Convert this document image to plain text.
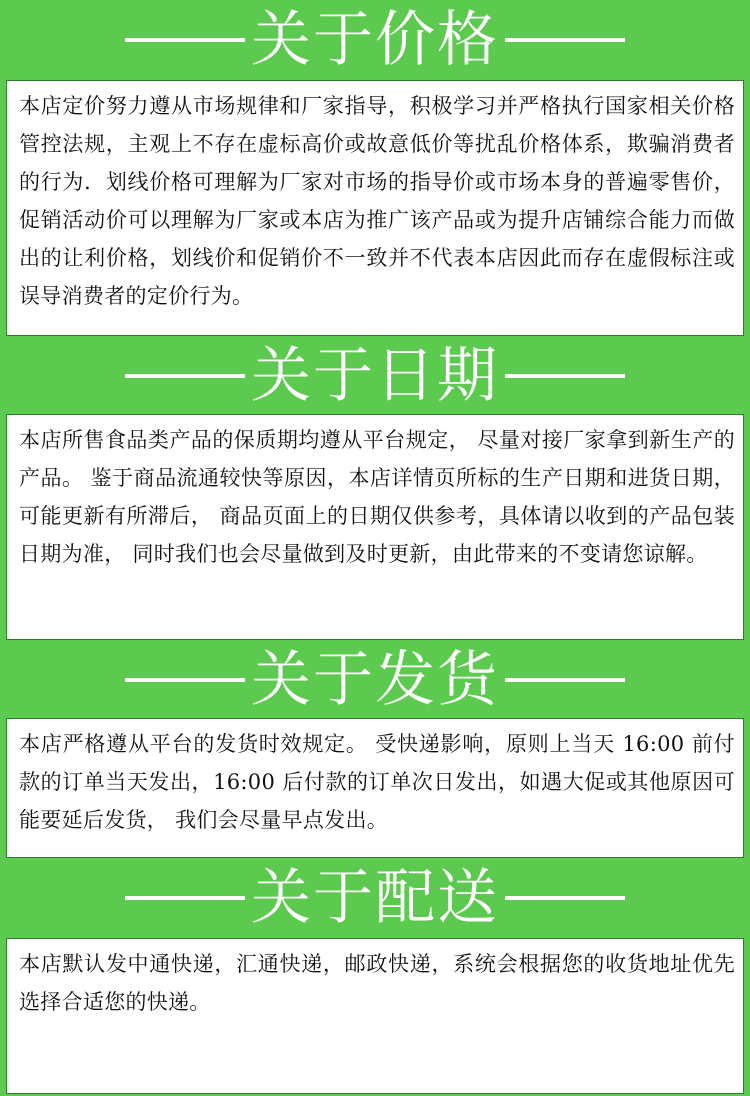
关于价格
本店定价努力遵从市场规律和厂家指导，积极学习并严格执行国家相关价格管控法规，主观上不存在虚标高价或故意低价等扰乱价格体系，欺骗消费者的行为．划线价格可理解为厂家对市场的指导价或市场本身的普遍零售价，促销活动价可以理解为厂家或本店为推广该产品或为提升店铺综合能力而做出的让利价格，划线价和促销价不一致并不代表本店因此而存在虚假标注或误导消费者的定价行为。
关于日期
本店所售食品类产品的保质期均遵从平台规定， 尽量对接厂家拿到新生产的产品。 鉴于商品流通较快等原因，本店详情页所标的生产日期和进货日期，可能更新有所滞后， 商品页面上的日期仅供参考，具体请以收到的产品包装日期为准， 同时我们也会尽量做到及时更新，由此带来的不变请您谅解。
关于发货
本店严格遵从平台的发货时效规定。 受快递影响，原则上当天 16:00 前付款的订单当天发出，16:00 后付款的订单次日发出，如遇大促或其他原因可能要延后发货， 我们会尽量早点发出。
关于配送
本店默认发中通快递，汇通快递，邮政快递，系统会根据您的收货地址优先选择合适您的快递。
